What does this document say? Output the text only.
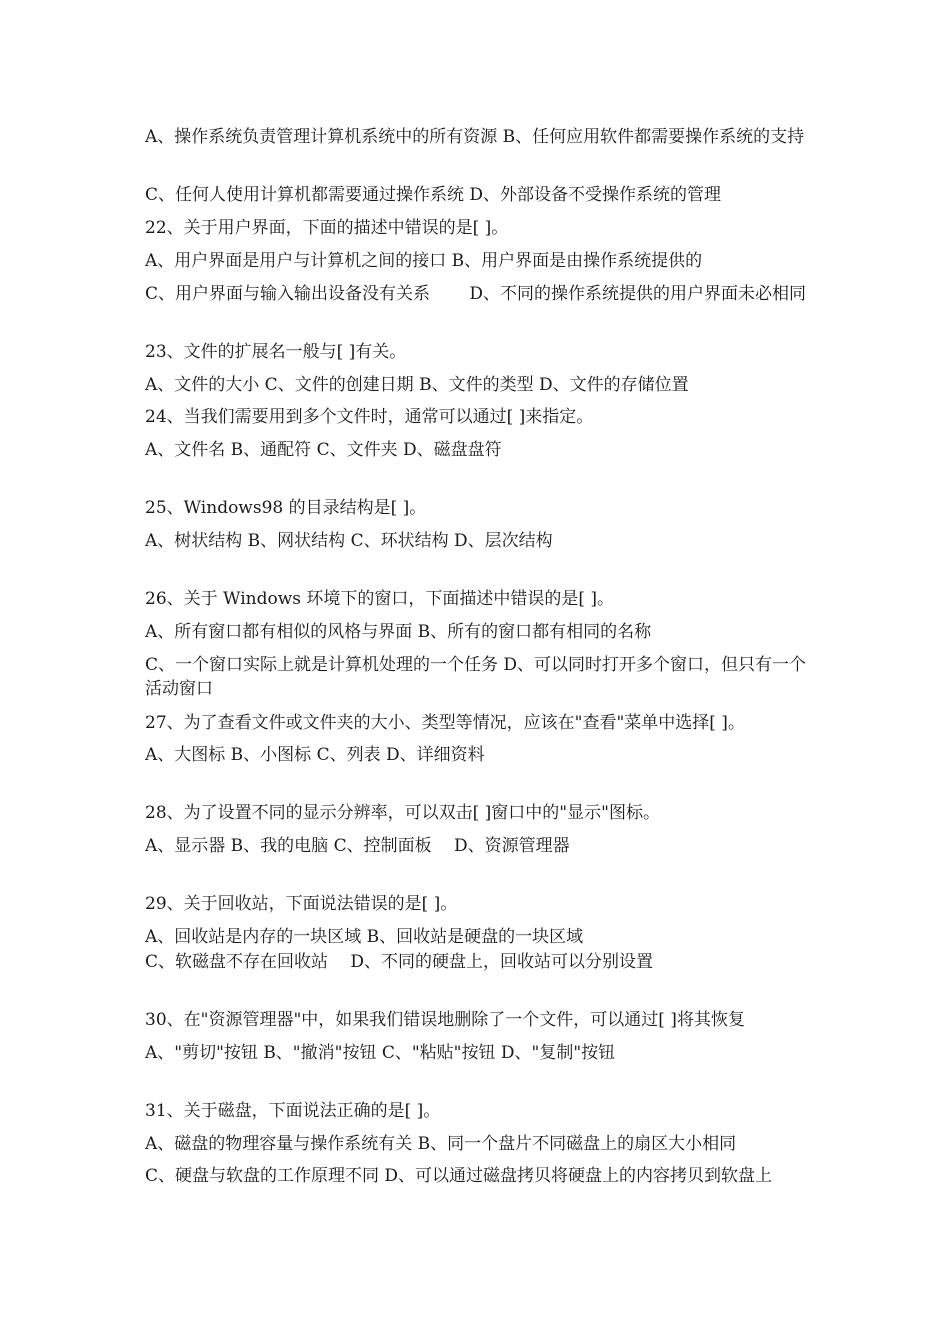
A、操作系统负责管理计算机系统中的所有资源 B、任何应用软件都需要操作系统的支持
C、任何人使用计算机都需要通过操作系统 D、外部设备不受操作系统的管理
22、关于用户界面，下面的描述中错误的是[ ]。
A、用户界面是用户与计算机之间的接口 B、用户界面是由操作系统提供的
C、用户界面与输入输出设备没有关系 　　D、不同的操作系统提供的用户界面未必相同
23、文件的扩展名一般与[ ]有关。
A、文件的大小 C、文件的创建日期 B、文件的类型 D、文件的存储位置
24、当我们需要用到多个文件时，通常可以通过[ ]来指定。
A、文件名 B、通配符 C、文件夹 D、磁盘盘符
25、Windows98 的目录结构是[ ]。
A、树状结构 B、网状结构 C、环状结构 D、层次结构
26、关于 Windows 环境下的窗口，下面描述中错误的是[ ]。
A、所有窗口都有相似的风格与界面 B、所有的窗口都有相同的名称
C、一个窗口实际上就是计算机处理的一个任务 D、可以同时打开多个窗口，但只有一个活动窗口
27、为了查看文件或文件夹的大小、类型等情况，应该在"查看"菜单中选择[ ]。
A、大图标 B、小图标 C、列表 D、详细资料
28、为了设置不同的显示分辨率，可以双击[ ]窗口中的"显示"图标。
A、显示器 B、我的电脑 C、控制面板 　D、资源管理器
29、关于回收站，下面说法错误的是[ ]。
A、回收站是内存的一块区域 B、回收站是硬盘的一块区域
C、软磁盘不存在回收站 　D、不同的硬盘上，回收站可以分别设置
30、在"资源管理器"中，如果我们错误地删除了一个文件，可以通过[ ]将其恢复
A、"剪切"按钮 B、"撤消"按钮 C、"粘贴"按钮 D、"复制"按钮
31、关于磁盘，下面说法正确的是[ ]。
A、磁盘的物理容量与操作系统有关 B、同一个盘片不同磁盘上的扇区大小相同
C、硬盘与软盘的工作原理不同 D、可以通过磁盘拷贝将硬盘上的内容拷贝到软盘上
